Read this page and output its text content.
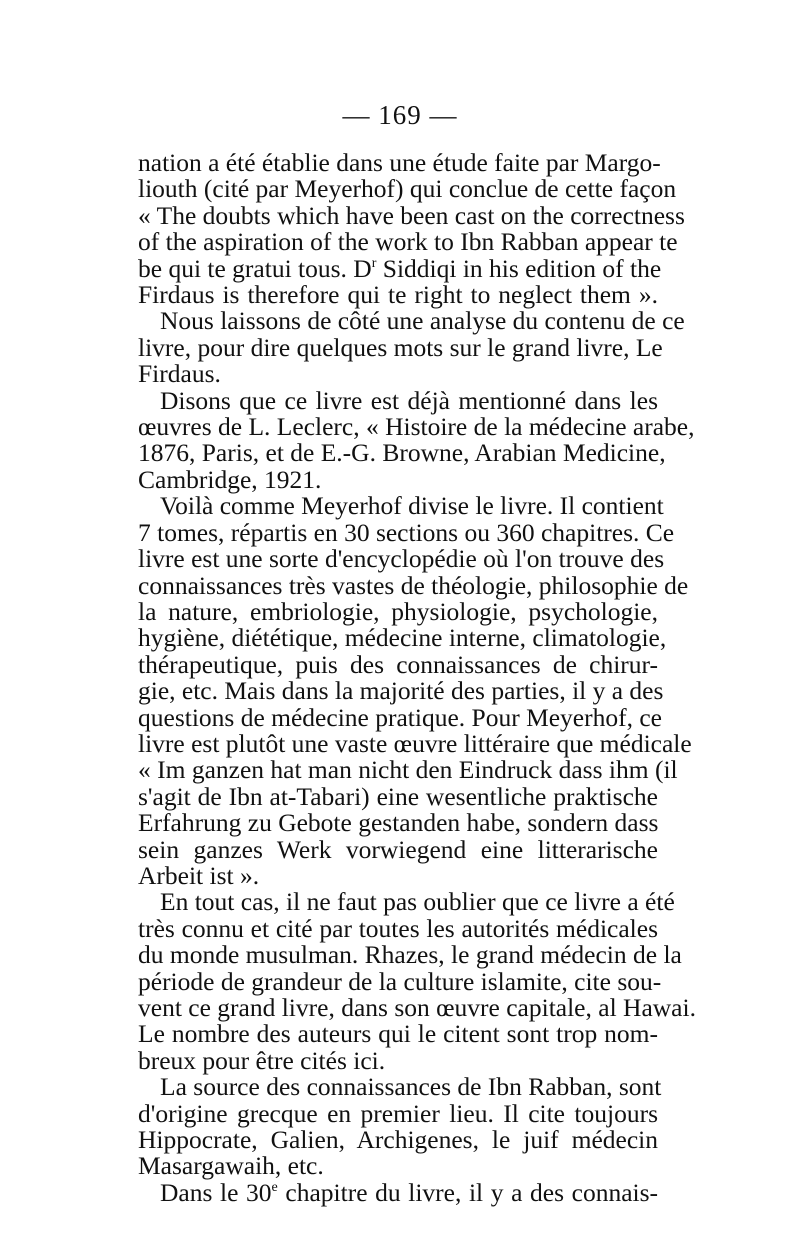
— 169 —
nation a été établie dans une étude faite par Margo-
liouth (cité par Meyerhof) qui conclue de cette façon
« The doubts which have been cast on the correctness
of the aspiration of the work to Ibn Rabban appear te
be qui te gratui tous. $D^r$ Siddiqi in his edition of the
Firdaus is therefore qui te right to neglect them ».
Nous laissons de côté une analyse du contenu de ce
livre, pour dire quelques mots sur le grand livre, Le
Firdaus.
Disons que ce livre est déjà mentionné dans les
œuvres de L. Leclerc, « Histoire de la médecine arabe,
1876, Paris, et de E.-G. Browne, Arabian Medicine,
Cambridge, 1921.
Voilà comme Meyerhof divise le livre. Il contient
7 tomes, répartis en 30 sections ou 360 chapitres. Ce
livre est une sorte d'encyclopédie où l'on trouve des
connaissances très vastes de théologie, philosophie de
la nature, embriologie, physiologie, psychologie,
hygiène, diététique, médecine interne, climatologie,
thérapeutique, puis des connaissances de chirur-
gie, etc. Mais dans la majorité des parties, il y a des
questions de médecine pratique. Pour Meyerhof, ce
livre est plutôt une vaste œuvre littéraire que médicale
« Im ganzen hat man nicht den Eindruck dass ihm (il
s'agit de Ibn at-Tabari) eine wesentliche praktische
Erfahrung zu Gebote gestanden habe, sondern dass
sein ganzes Werk vorwiegend eine litterarische
Arbeit ist ».
En tout cas, il ne faut pas oublier que ce livre a été
très connu et cité par toutes les autorités médicales
du monde musulman. Rhazes, le grand médecin de la
période de grandeur de la culture islamite, cite sou-
vent ce grand livre, dans son œuvre capitale, al Hawai.
Le nombre des auteurs qui le citent sont trop nom-
breux pour être cités ici.
La source des connaissances de Ibn Rabban, sont
d'origine grecque en premier lieu. Il cite toujours
Hippocrate, Galien, Archigenes, le juif médecin
Masargawaih, etc.
Dans le 30e chapitre du livre, il y a des connais-
